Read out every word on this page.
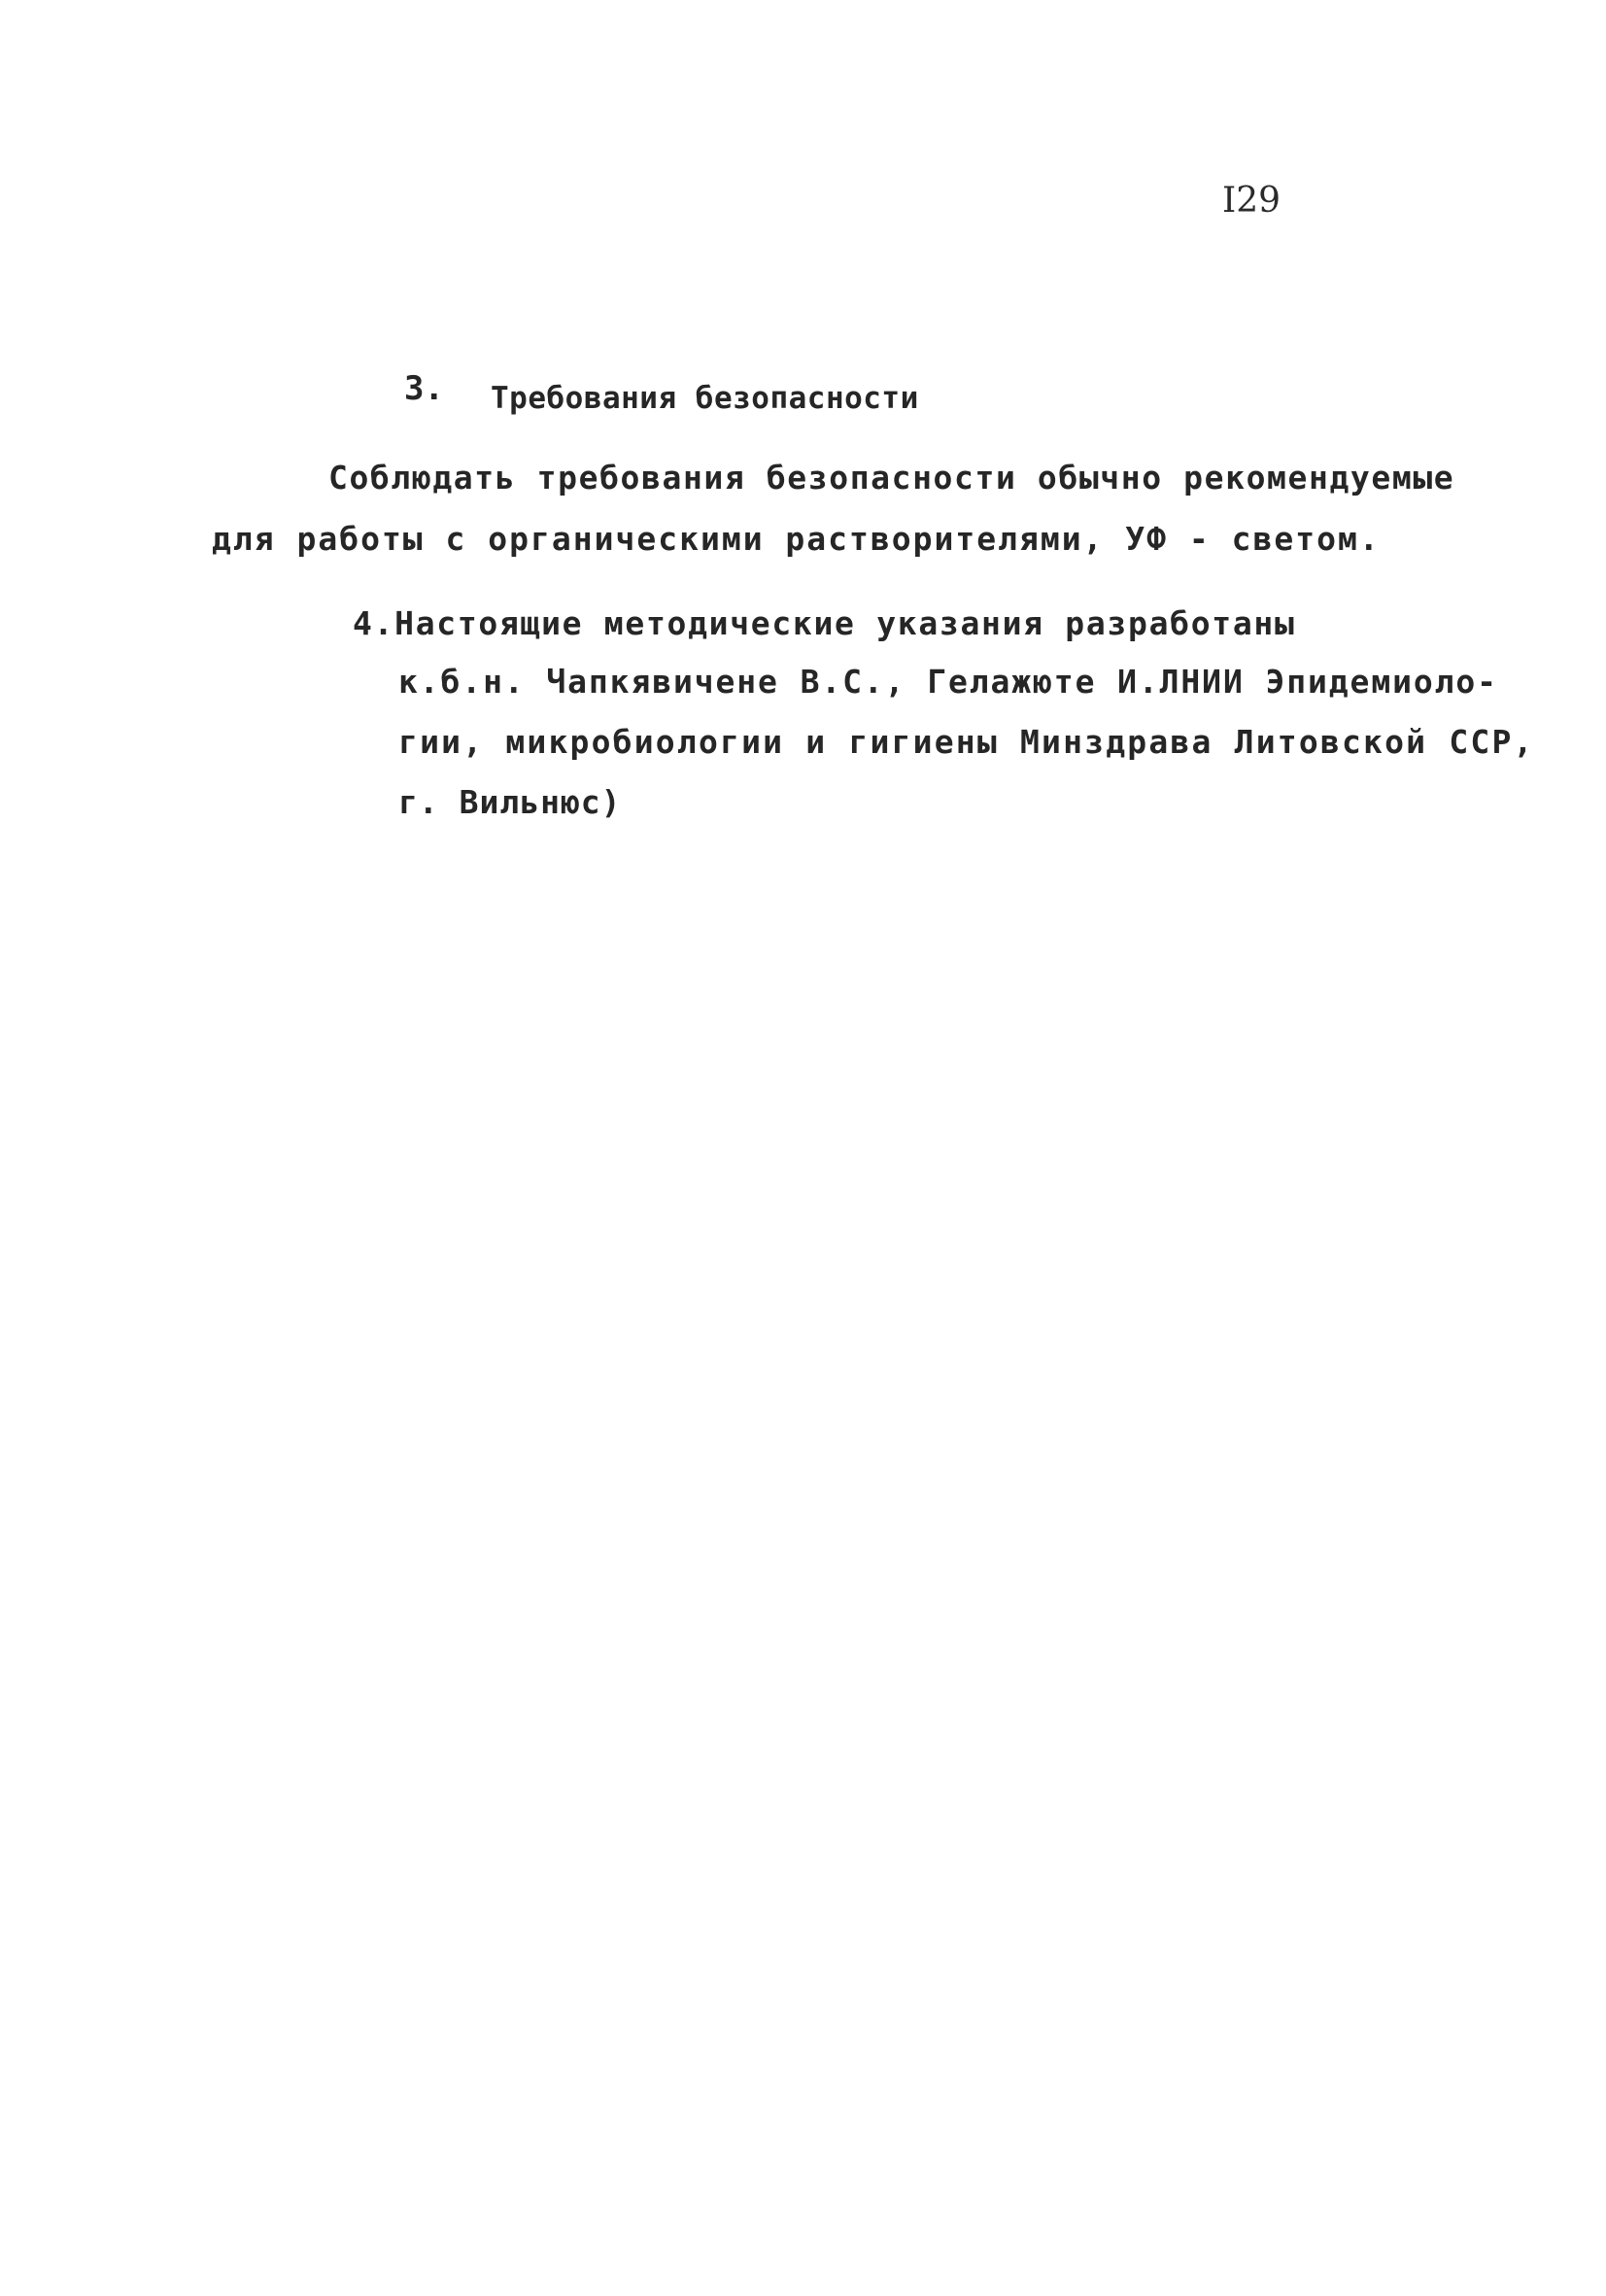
I29
3. Требования безопасности
Соблюдать требования безопасности обычно рекомендуемые
для работы с органическими растворителями, УФ - светом.
4.Настоящие методические указания разработаны
к.б.н. Чапкявичене В.С., Гелажюте И.ЛНИИ Эпидемиоло-
гии, микробиологии и гигиены Минздрава Литовской ССР,
г. Вильнюс)
